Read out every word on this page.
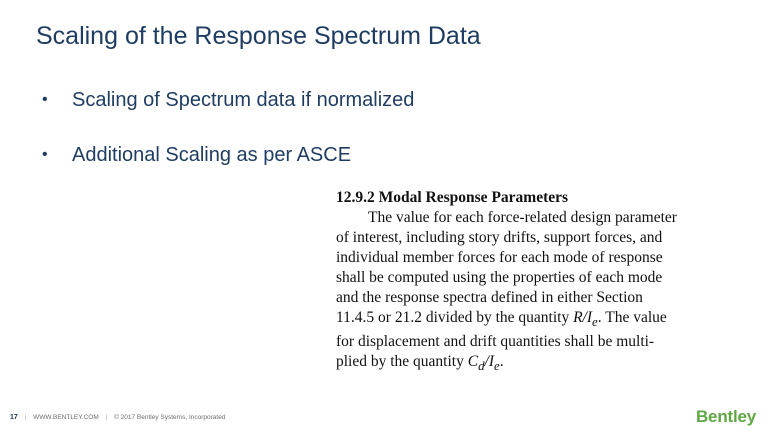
Scaling of the Response Spectrum Data
• Scaling of Spectrum data if normalized
• Additional Scaling as per ASCE
12.9.2 Modal Response Parameters
The value for each force-related design parameter
of interest, including story drifts, support forces, and
individual member forces for each mode of response
shall be computed using the properties of each mode
and the response spectra defined in either Section
11.4.5 or 21.2 divided by the quantity $R/I_e$. The value
for displacement and drift quantities shall be multi-
plied by the quantity $C_d/I_e$.
17 | WWW.BENTLEY.COM | © 2017 Bentley Systems, Incorporated	Bentley
